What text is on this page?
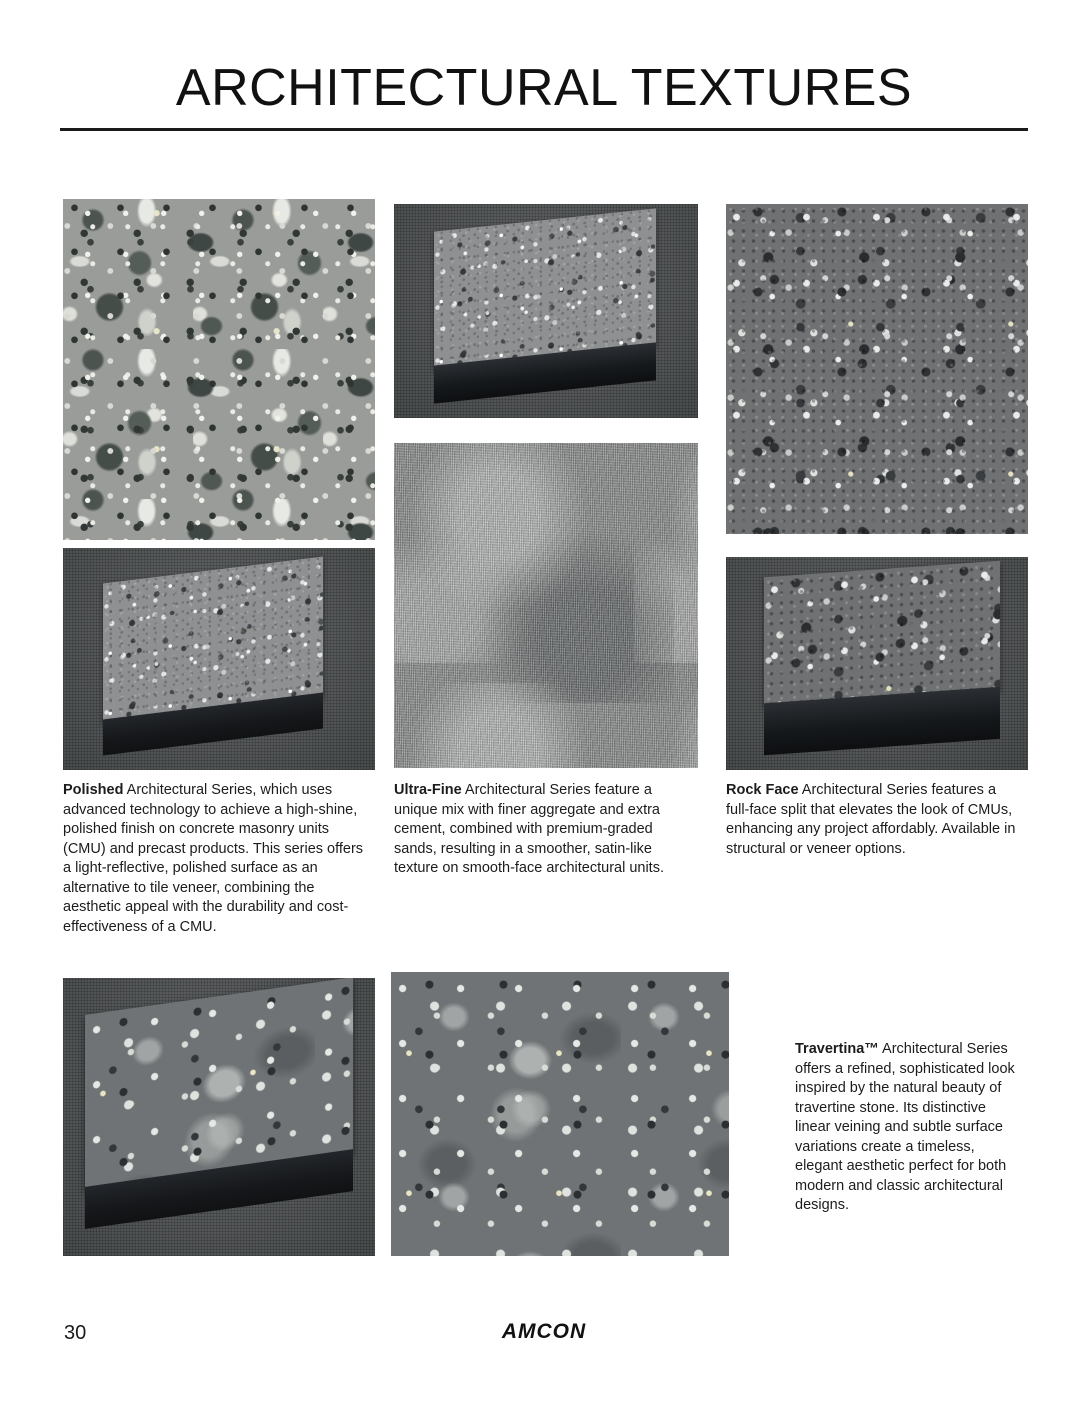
ARCHITECTURAL TEXTURES
Polished Architectural Series, which uses advanced technology to achieve a high-shine, polished finish on concrete masonry units (CMU) and precast products. This series offers a light-reflective, polished surface as an alternative to tile veneer, combining the aesthetic appeal with the durability and cost-effectiveness of a CMU.
Ultra-Fine Architectural Series feature a unique mix with finer aggregate and extra cement, combined with premium-graded sands, resulting in a smoother, satin-like texture on smooth-face architectural units.
Rock Face Architectural Series features a full-face split that elevates the look of CMUs, enhancing any project affordably. Available in structural or veneer options.
Travertina™ Architectural Series offers a refined, sophisticated look inspired by the natural beauty of travertine stone. Its distinctive linear veining and subtle surface variations create a timeless, elegant aesthetic perfect for both modern and classic architectural designs.
30	AMCON
